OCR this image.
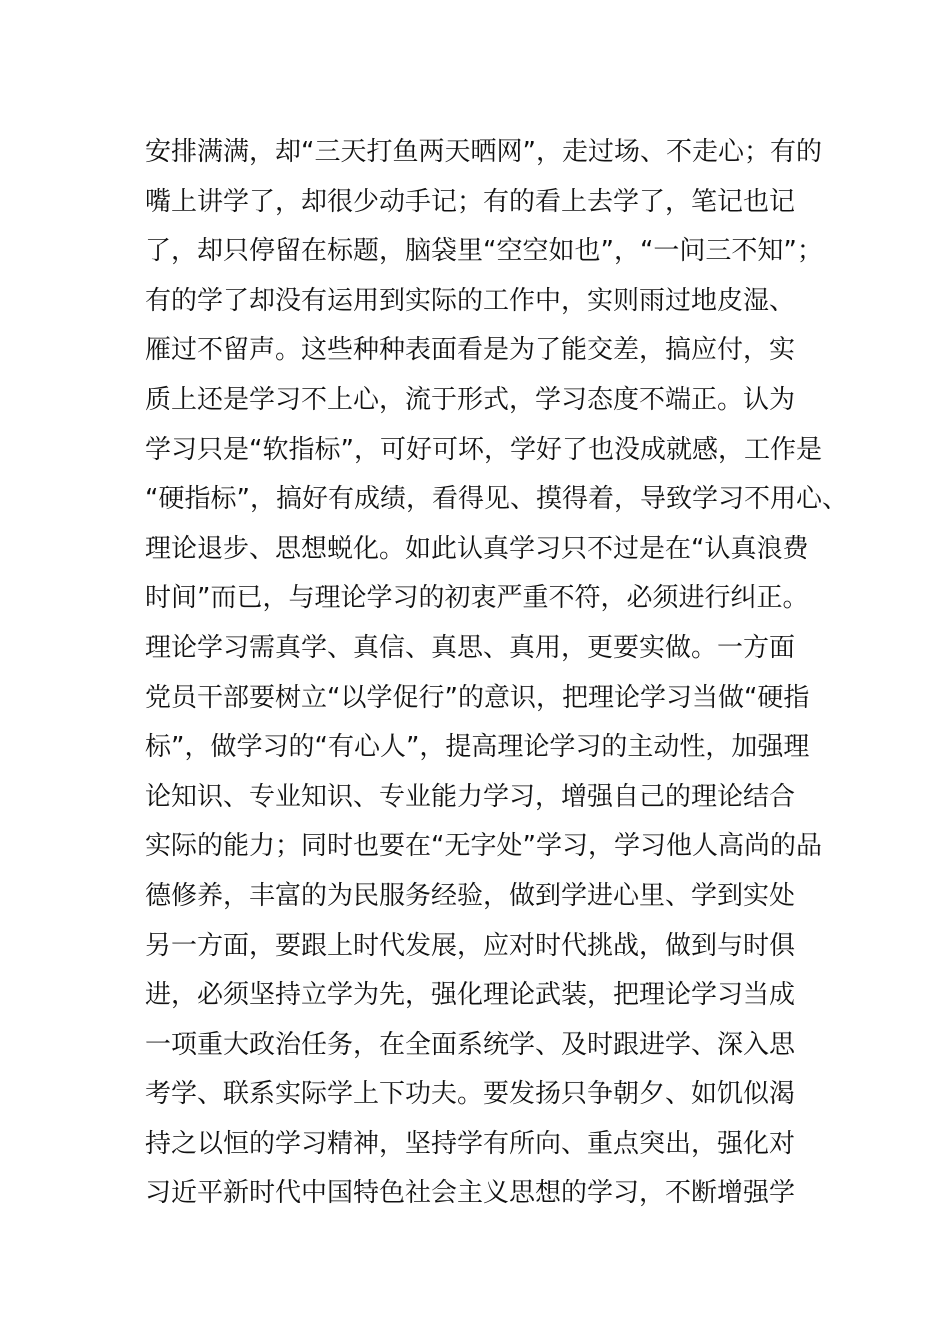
安排满满，却“三天打鱼两天晒网”，走过场、不走心；有的
嘴上讲学了，却很少动手记；有的看上去学了，笔记也记
了，却只停留在标题，脑袋里“空空如也”，“一问三不知”；
有的学了却没有运用到实际的工作中，实则雨过地皮湿、
雁过不留声。这些种种表面看是为了能交差，搞应付，实
质上还是学习不上心，流于形式，学习态度不端正。认为
学习只是“软指标”，可好可坏，学好了也没成就感，工作是
“硬指标”，搞好有成绩，看得见、摸得着，导致学习不用心、
理论退步、思想蜕化。如此认真学习只不过是在“认真浪费
时间”而已，与理论学习的初衷严重不符，必须进行纠正。
理论学习需真学、真信、真思、真用，更要实做。一方面
党员干部要树立“以学促行”的意识，把理论学习当做“硬指
标”，做学习的“有心人”，提高理论学习的主动性，加强理
论知识、专业知识、专业能力学习，增强自己的理论结合
实际的能力；同时也要在“无字处”学习，学习他人高尚的品
德修养，丰富的为民服务经验，做到学进心里、学到实处
另一方面，要跟上时代发展，应对时代挑战，做到与时俱
进，必须坚持立学为先，强化理论武装，把理论学习当成
一项重大政治任务，在全面系统学、及时跟进学、深入思
考学、联系实际学上下功夫。要发扬只争朝夕、如饥似渴
持之以恒的学习精神，坚持学有所向、重点突出，强化对
习近平新时代中国特色社会主义思想的学习，不断增强学
